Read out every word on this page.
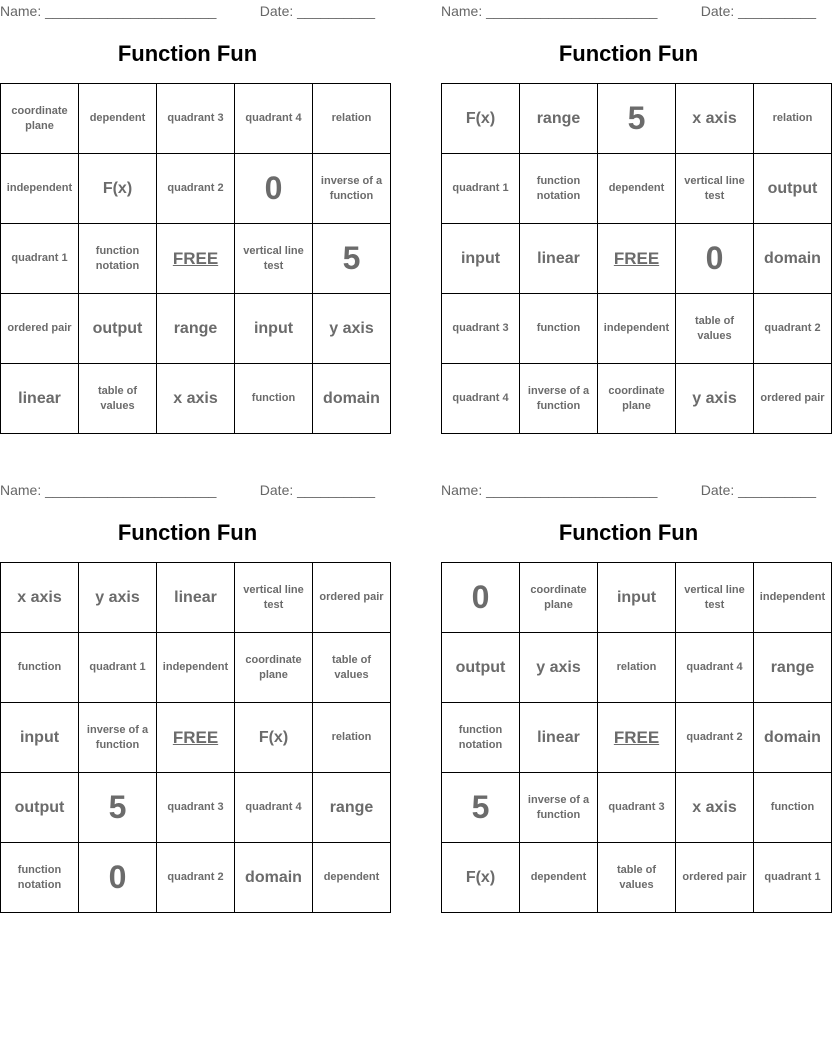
Name: ______________________	Date: __________
Function Fun
coordinate plane	dependent	quadrant 3	quadrant 4	relation
independent	F(x)	quadrant 2	0	inverse of a function
quadrant 1	function notation	FREE	vertical line test	5
ordered pair	output	range	input	y axis
linear	table of values	x axis	function	domain
Name: ______________________	Date: __________
Function Fun
F(x)	range	5	x axis	relation
quadrant 1	function notation	dependent	vertical line test	output
input	linear	FREE	0	domain
quadrant 3	function	independent	table of values	quadrant 2
quadrant 4	inverse of a function	coordinate plane	y axis	ordered pair
Name: ______________________	Date: __________
Function Fun
x axis	y axis	linear	vertical line test	ordered pair
function	quadrant 1	independent	coordinate plane	table of values
input	inverse of a function	FREE	F(x)	relation
output	5	quadrant 3	quadrant 4	range
function notation	0	quadrant 2	domain	dependent
Name: ______________________	Date: __________
Function Fun
0	coordinate plane	input	vertical line test	independent
output	y axis	relation	quadrant 4	range
function notation	linear	FREE	quadrant 2	domain
5	inverse of a function	quadrant 3	x axis	function
F(x)	dependent	table of values	ordered pair	quadrant 1
